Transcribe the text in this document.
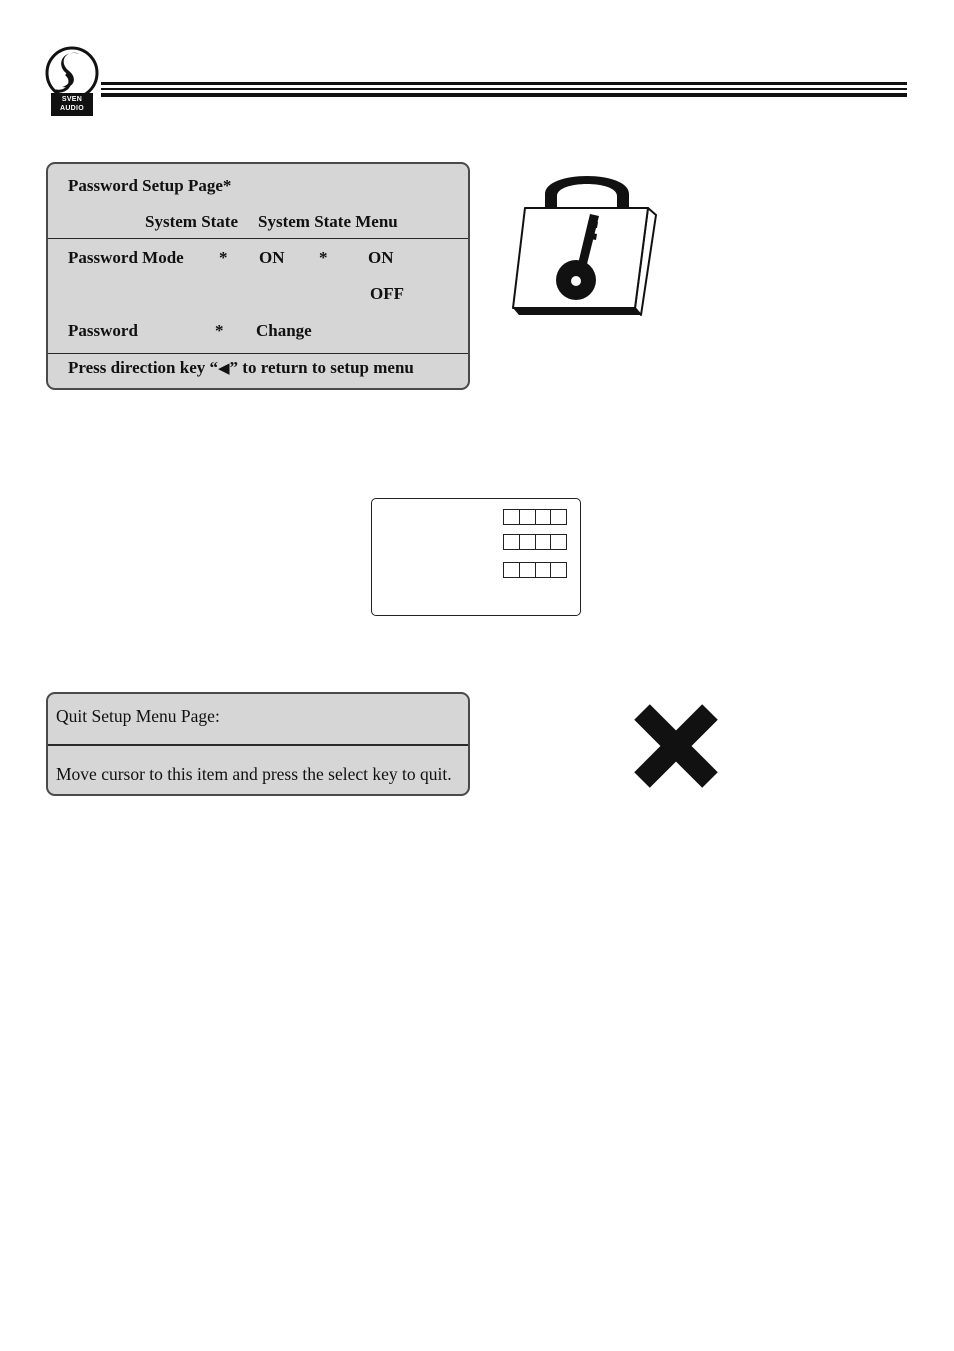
SVEN
AUDIO
Password Setup Page*
System State System State Menu
Password Mode * ON * ON
OFF
Password	* Change
Press direction key “◀” to return to setup menu
Quit Setup Menu Page:
Move cursor to this item and press the select key to quit.
